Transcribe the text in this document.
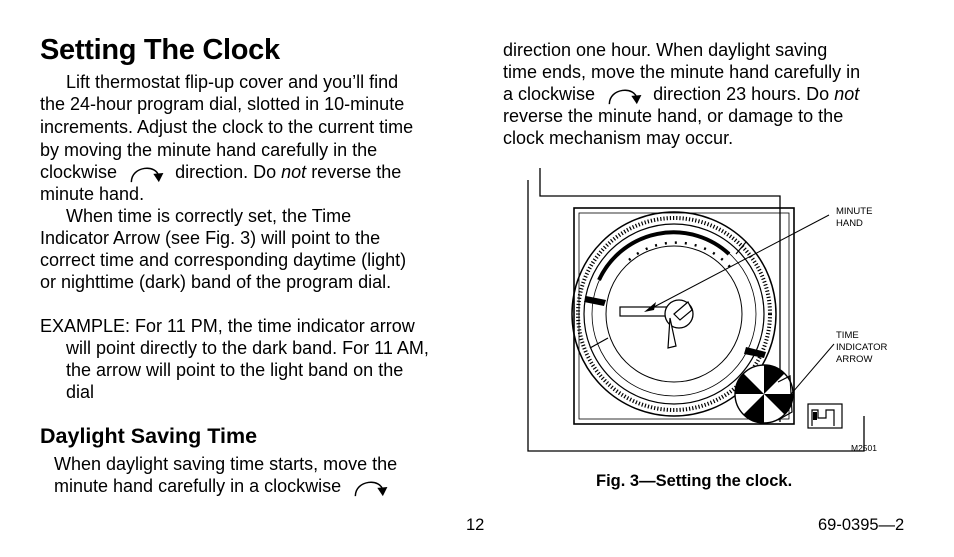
Setting The Clock
Lift thermostat flip-up cover and you’ll find
the 24-hour program dial, slotted in 10-minute
increments. Adjust the clock to the current time
by moving the minute hand carefully in the
clockwise	direction. Do not reverse the
minute hand.
When time is correctly set, the Time
Indicator Arrow (see Fig. 3) will point to the
correct time and corresponding daytime (light)
or nighttime (dark) band of the program dial.
EXAMPLE: For 11 PM, the time indicator arrow
will point directly to the dark band. For 11 AM,
the arrow will point to the light band on the
dial
Daylight Saving Time
When daylight saving time starts, move the
minute hand carefully in a clockwise
direction one hour. When daylight saving
time ends, move the minute hand carefully in
a clockwise	direction 23 hours. Do not
reverse the minute hand, or damage to the
clock mechanism may occur.
MINUTE
HAND
TIME
INDICATOR
ARROW
M2501
Fig. 3—Setting the clock.
12	69-0395—2
